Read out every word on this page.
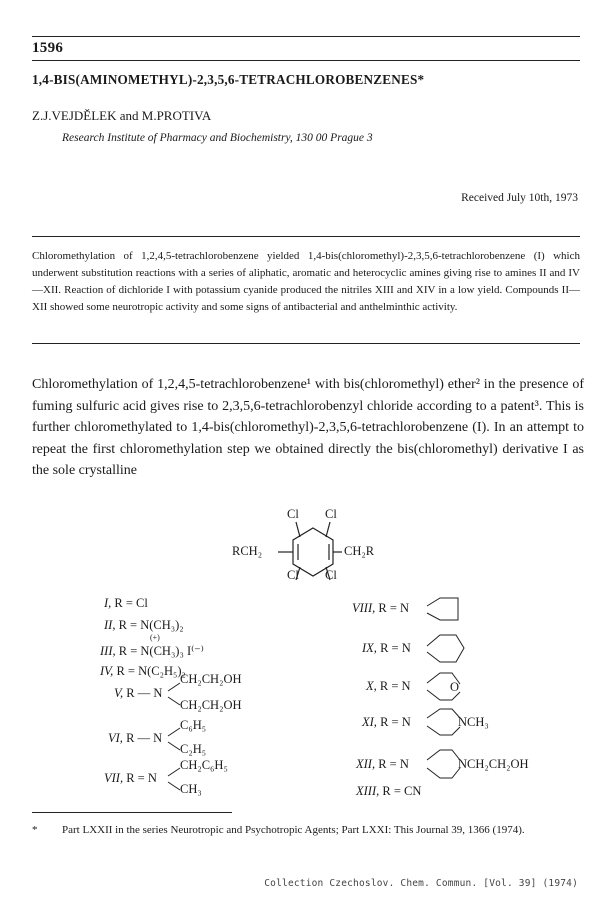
1596
1,4-BIS(AMINOMETHYL)-2,3,5,6-TETRACHLOROBENZENES*
Z.J.VEJDĚLEK and M.PROTIVA
Research Institute of Pharmacy and Biochemistry, 130 00 Prague 3
Received July 10th, 1973
Chloromethylation of 1,2,4,5-tetrachlorobenzene yielded 1,4-bis(chloromethyl)-2,3,5,6-tetrachlorobenzene (I) which underwent substitution reactions with a series of aliphatic, aromatic and heterocyclic amines giving rise to amines II and IV—XII. Reaction of dichloride I with potassium cyanide produced the nitriles XIII and XIV in a low yield. Compounds II—XII showed some neurotropic activity and some signs of antibacterial and anthelminthic activity.
Chloromethylation of 1,2,4,5-tetrachlorobenzene¹ with bis(chloromethyl) ether² in the presence of fuming sulfuric acid gives rise to 2,3,5,6-tetrachlorobenzyl chloride according to a patent³. This is further chloromethylated to 1,4-bis(chloromethyl)-2,3,5,6-tetrachlorobenzene (I). In an attempt to repeat the first chloromethylation step we obtained directly the bis(chloromethyl) derivative I as the sole crystalline
Cl Cl
Cl Cl
RCH₂	CH₂R
I, R = Cl
II, R = N(CH₃)₂
(+)
III, R = N(CH₃)₃ I⁽⁻⁾
IV, R = N(C₂H₅)₂
V, R — N
CH₂CH₂OH
CH₂CH₂OH
VI, R — N
C₆H₅
C₂H₅
VII, R = N
CH₂C₆H₅
CH₃
VIII, R = N
IX, R = N
X, R = N	O
XI, R = N	NCH₃
XII, R = N	NCH₂CH₂OH
XIII, R = CN
* Part LXXII in the series Neurotropic and Psychotropic Agents; Part LXXI: This Journal 39, 1366 (1974).
Collection Czechoslov. Chem. Commun. [Vol. 39] (1974)
